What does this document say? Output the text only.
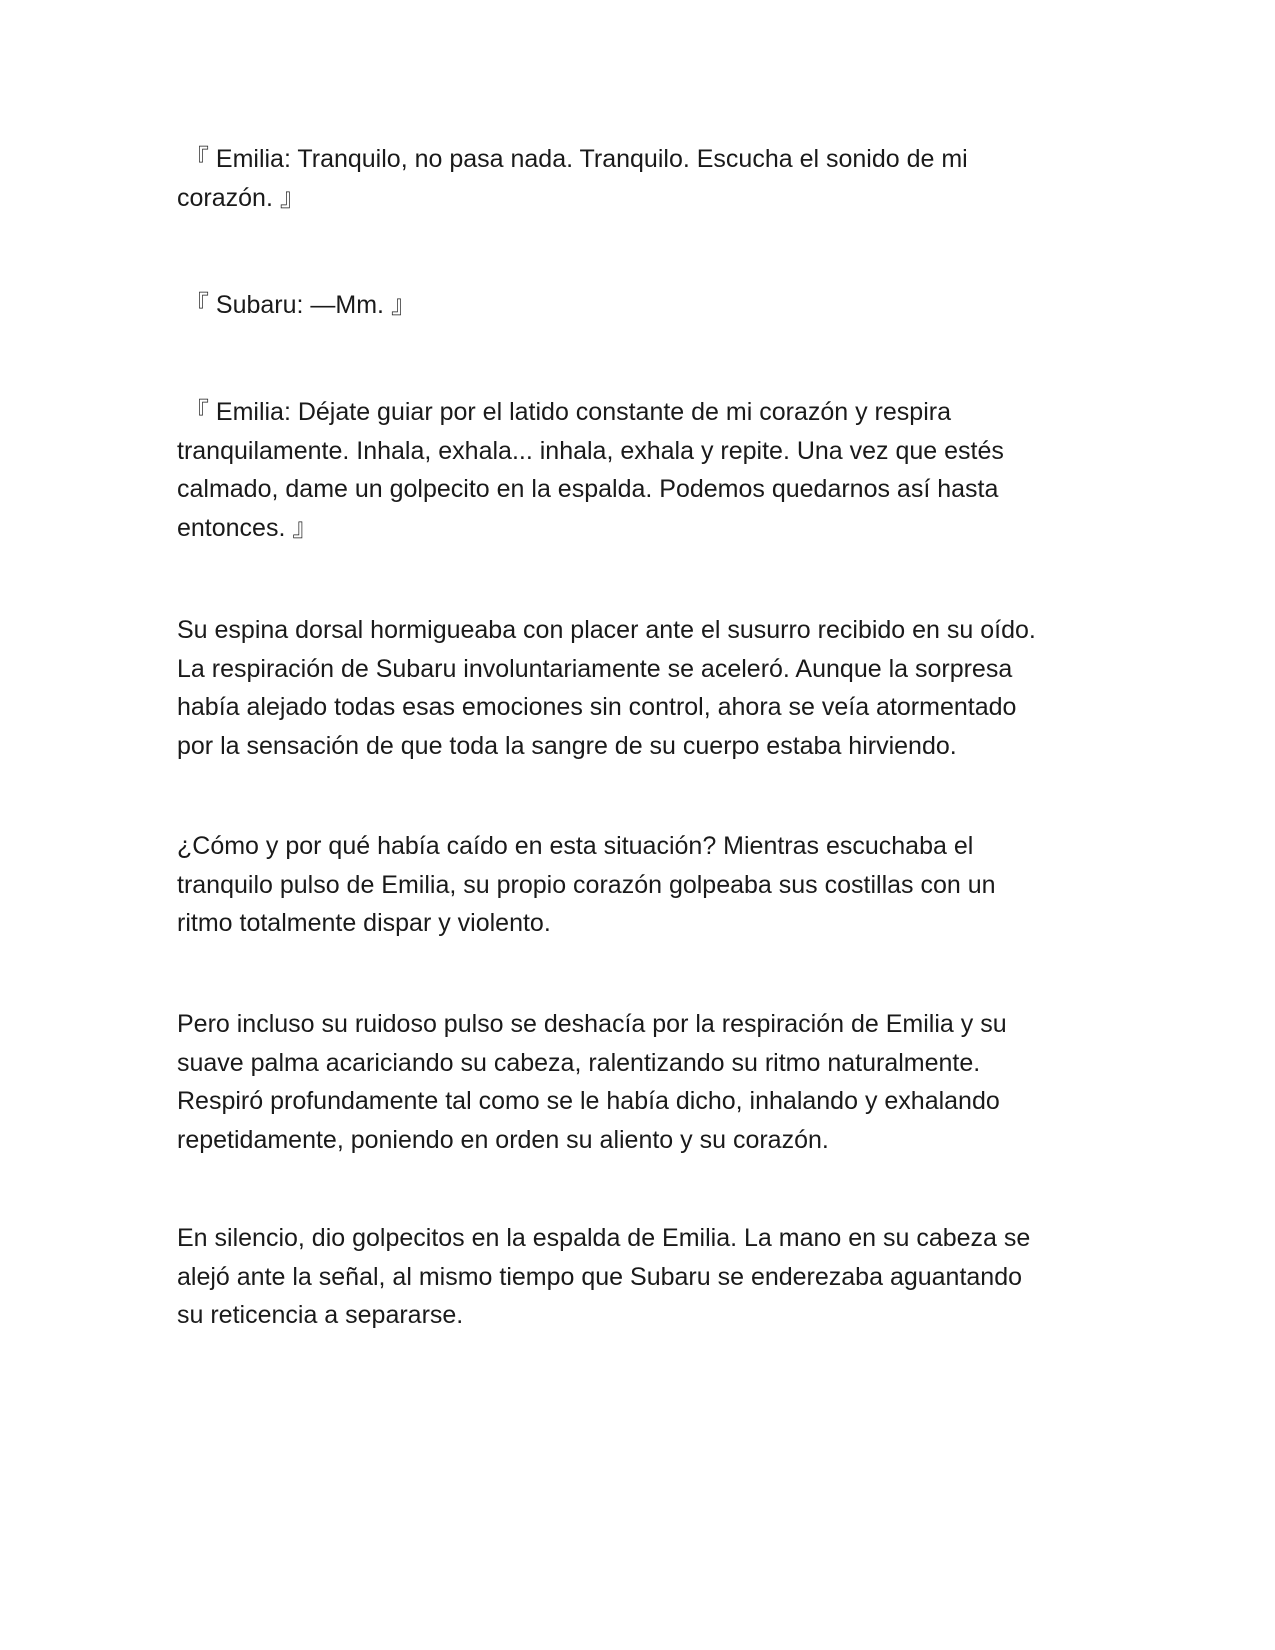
『 Emilia: Tranquilo, no pasa nada. Tranquilo. Escucha el sonido de mi
corazón. 』

『 Subaru: —Mm. 』

『 Emilia: Déjate guiar por el latido constante de mi corazón y respira
tranquilamente. Inhala, exhala... inhala, exhala y repite. Una vez que estés
calmado, dame un golpecito en la espalda. Podemos quedarnos así hasta
entonces. 』

Su espina dorsal hormigueaba con placer ante el susurro recibido en su oído.
La respiración de Subaru involuntariamente se aceleró. Aunque la sorpresa
había alejado todas esas emociones sin control, ahora se veía atormentado
por la sensación de que toda la sangre de su cuerpo estaba hirviendo.

¿Cómo y por qué había caído en esta situación? Mientras escuchaba el
tranquilo pulso de Emilia, su propio corazón golpeaba sus costillas con un
ritmo totalmente dispar y violento.

Pero incluso su ruidoso pulso se deshacía por la respiración de Emilia y su
suave palma acariciando su cabeza, ralentizando su ritmo naturalmente.
Respiró profundamente tal como se le había dicho, inhalando y exhalando
repetidamente, poniendo en orden su aliento y su corazón.

En silencio, dio golpecitos en la espalda de Emilia. La mano en su cabeza se
alejó ante la señal, al mismo tiempo que Subaru se enderezaba aguantando
su reticencia a separarse.
